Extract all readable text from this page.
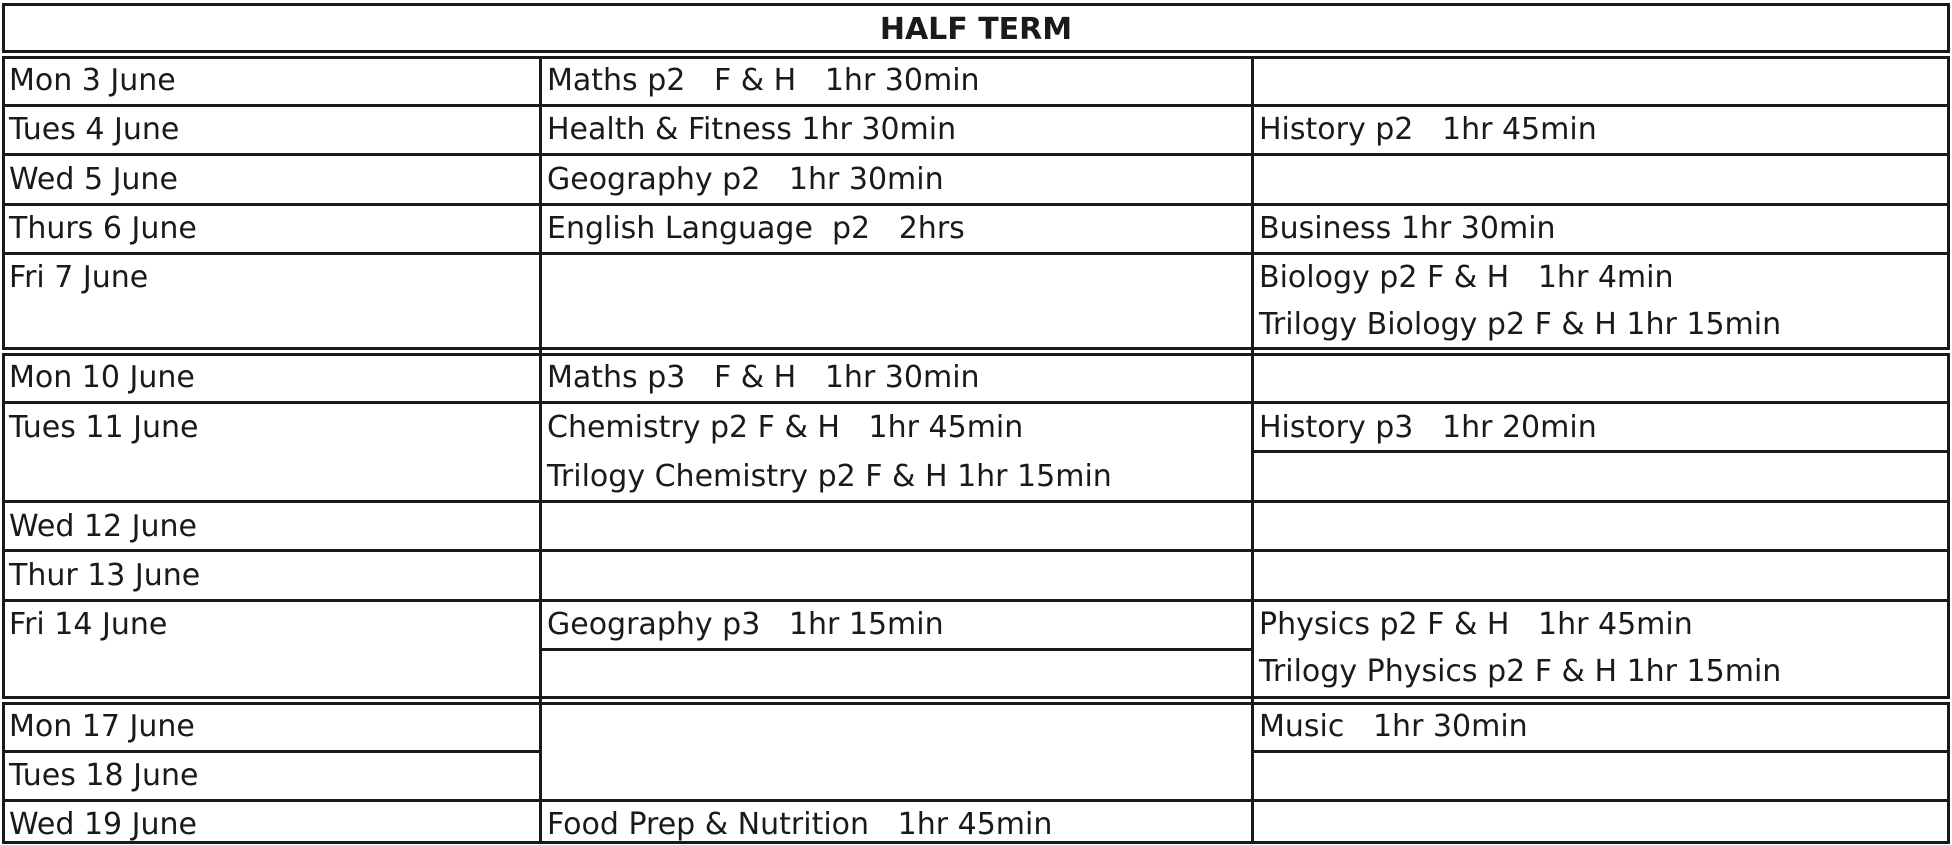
HALF TERM
Mon 3 June
Tues 4 June
Wed 5 June
Thurs 6 June
Fri 7 June
Mon 10 June
Tues 11 June
Wed 12 June
Thur 13 June
Fri 14 June
Mon 17 June
Tues 18 June
Wed 19 June
Maths p2   F & H   1hr 30min
Health & Fitness 1hr 30min
Geography p2   1hr 30min
English Language  p2   2hrs
Maths p3   F & H   1hr 30min
Chemistry p2 F & H   1hr 45min
Trilogy Chemistry p2 F & H 1hr 15min
Geography p3   1hr 15min
Food Prep & Nutrition   1hr 45min
History p2   1hr 45min
Business 1hr 30min
Biology p2 F & H   1hr 4min
Trilogy Biology p2 F & H 1hr 15min
History p3   1hr 20min
Physics p2 F & H   1hr 45min
Trilogy Physics p2 F & H 1hr 15min
Music   1hr 30min
